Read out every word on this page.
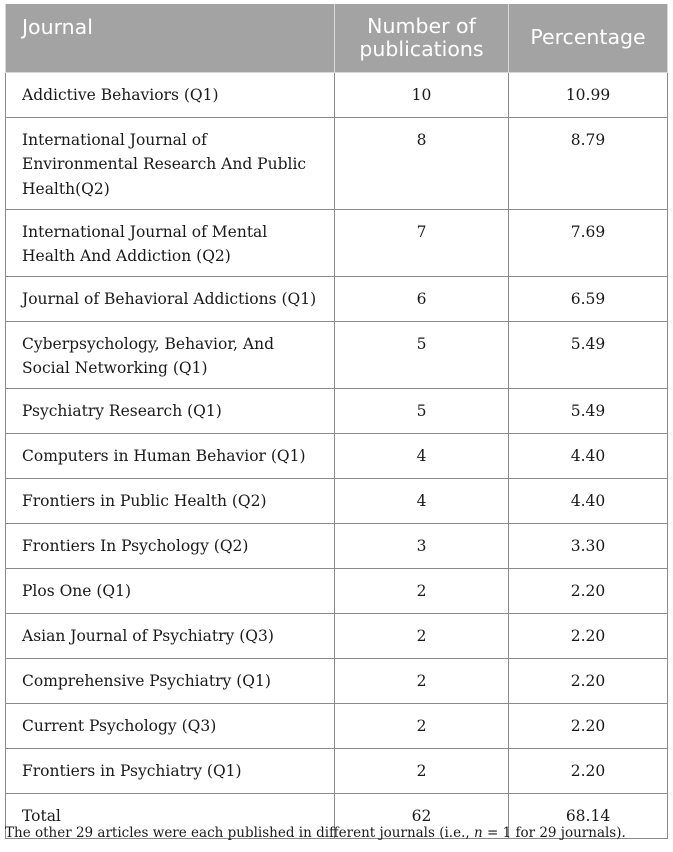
Journal	Number of publications	Percentage
Addictive Behaviors (Q1)	10	10.99
International Journal of Environmental Research And Public Health(Q2)	8	8.79
International Journal of Mental Health And Addiction (Q2)	7	7.69
Journal of Behavioral Addictions (Q1)	6	6.59
Cyberpsychology, Behavior, And Social Networking (Q1)	5	5.49
Psychiatry Research (Q1)	5	5.49
Computers in Human Behavior (Q1)	4	4.40
Frontiers in Public Health (Q2)	4	4.40
Frontiers In Psychology (Q2)	3	3.30
Plos One (Q1)	2	2.20
Asian Journal of Psychiatry (Q3)	2	2.20
Comprehensive Psychiatry (Q1)	2	2.20
Current Psychology (Q3)	2	2.20
Frontiers in Psychiatry (Q1)	2	2.20
Total	62	68.14
The other 29 articles were each published in different journals (i.e., n = 1 for 29 journals).
